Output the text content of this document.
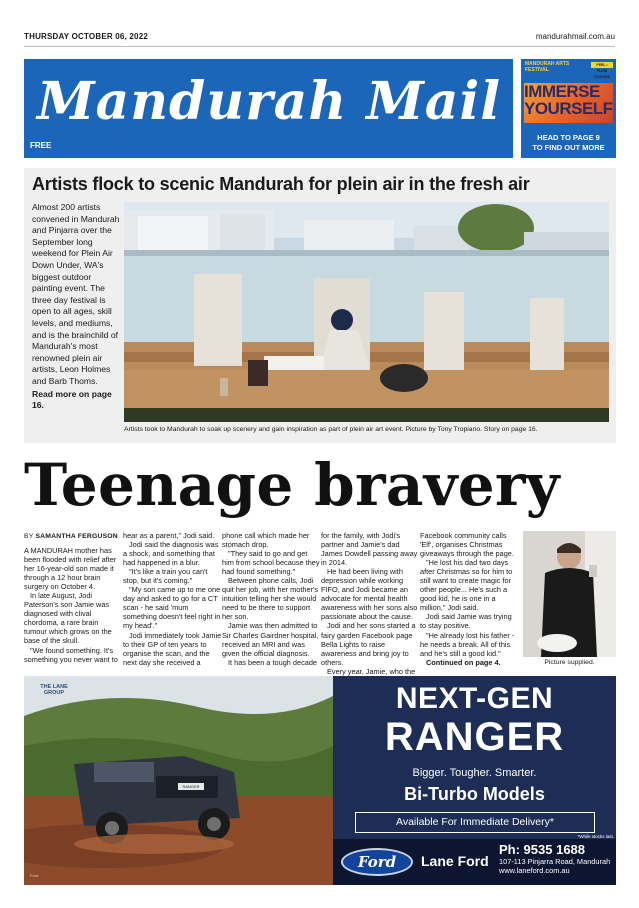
THURSDAY OCTOBER 06, 2022	mandurahmail.com.au
Mandurah Mail
FREE
MANDURAH ARTS FESTIVAL
PEEL • PLEIN STUDIOS
IMMERSE YOURSELF
HEAD TO PAGE 9
TO FIND OUT MORE
Artists flock to scenic Mandurah for plein air in the fresh air
Almost 200 artists convened in Mandurah and Pinjarra over the September long weekend for Plein Air Down Under, WA's biggest outdoor painting event. The three day festival is open to all ages, skill levels, and mediums, and is the brainchild of Mandurah's most renowned plein air artists, Leon Holmes and Barb Thoms.
Read more on page 16.
Artists took to Mandurah to soak up scenery and gain inspiration as part of plein air art event. Picture by Tony Tropiano. Story on page 16.
Teenage bravery
BY SAMANTHA FERGUSON

A MANDURAH mother has been flooded with relief after her 16-year-old son made it through a 12 hour brain surgery on October 4.

In late August, Jodi Paterson's son Jamie was diagnosed with clival chordoma, a rare brain tumour which grows on the base of the skull.

"We found something. It's something you never want to

hear as a parent," Jodi said.

Jodi said the diagnosis was a shock, and something that had happened in a blur.

"It's like a train you can't stop, but it's coming."

"My son came up to me one day and asked to go for a CT scan - he said 'mum something doesn't feel right in my head'."

Jodi immediately took Jamie to their GP of ten years to organise the scan, and the next day she received a

phone call which made her stomach drop.

"They said to go and get him from school because they had found something."

Between phone calls, Jodi quit her job, with her mother's intuition telling her she would need to be there to support her son.

Jamie was then admitted to Sir Charles Gairdner hospital, received an MRI and was given the official diagnosis.

It has been a tough decade

for the family, with Jodi's partner and Jamie's dad James Dowdell passing away in 2014.

He had been living with depression while working FIFO, and Jodi became an advocate for mental health awareness with her sons also passionate about the cause.

Jodi and her sons started a fairy garden Facebook page Bella Lights to raise awareness and bring joy to others.

Every year, Jamie, who the

Facebook community calls 'Elf', organises Christmas giveaways through the page.

"He lost his dad two days after Christmas so for him to still want to create magic for other people... He's such a good kid, he is one in a million," Jodi said.

Jodi said Jamie was trying to stay positive.

"He already lost his father - he needs a break. All of this and he's still a good kid."

Continued on page 4.	Picture supplied.
THE LANE GROUP
RANGER
Ford
NEXT-GEN
RANGER
Bigger. Tougher. Smarter.
Bi-Turbo Models
Available For Immediate Delivery*
*While stocks last.
Ford	Lane Ford
Ph: 9535 1688
107-113 Pinjarra Road, Mandurah
www.laneford.com.au
